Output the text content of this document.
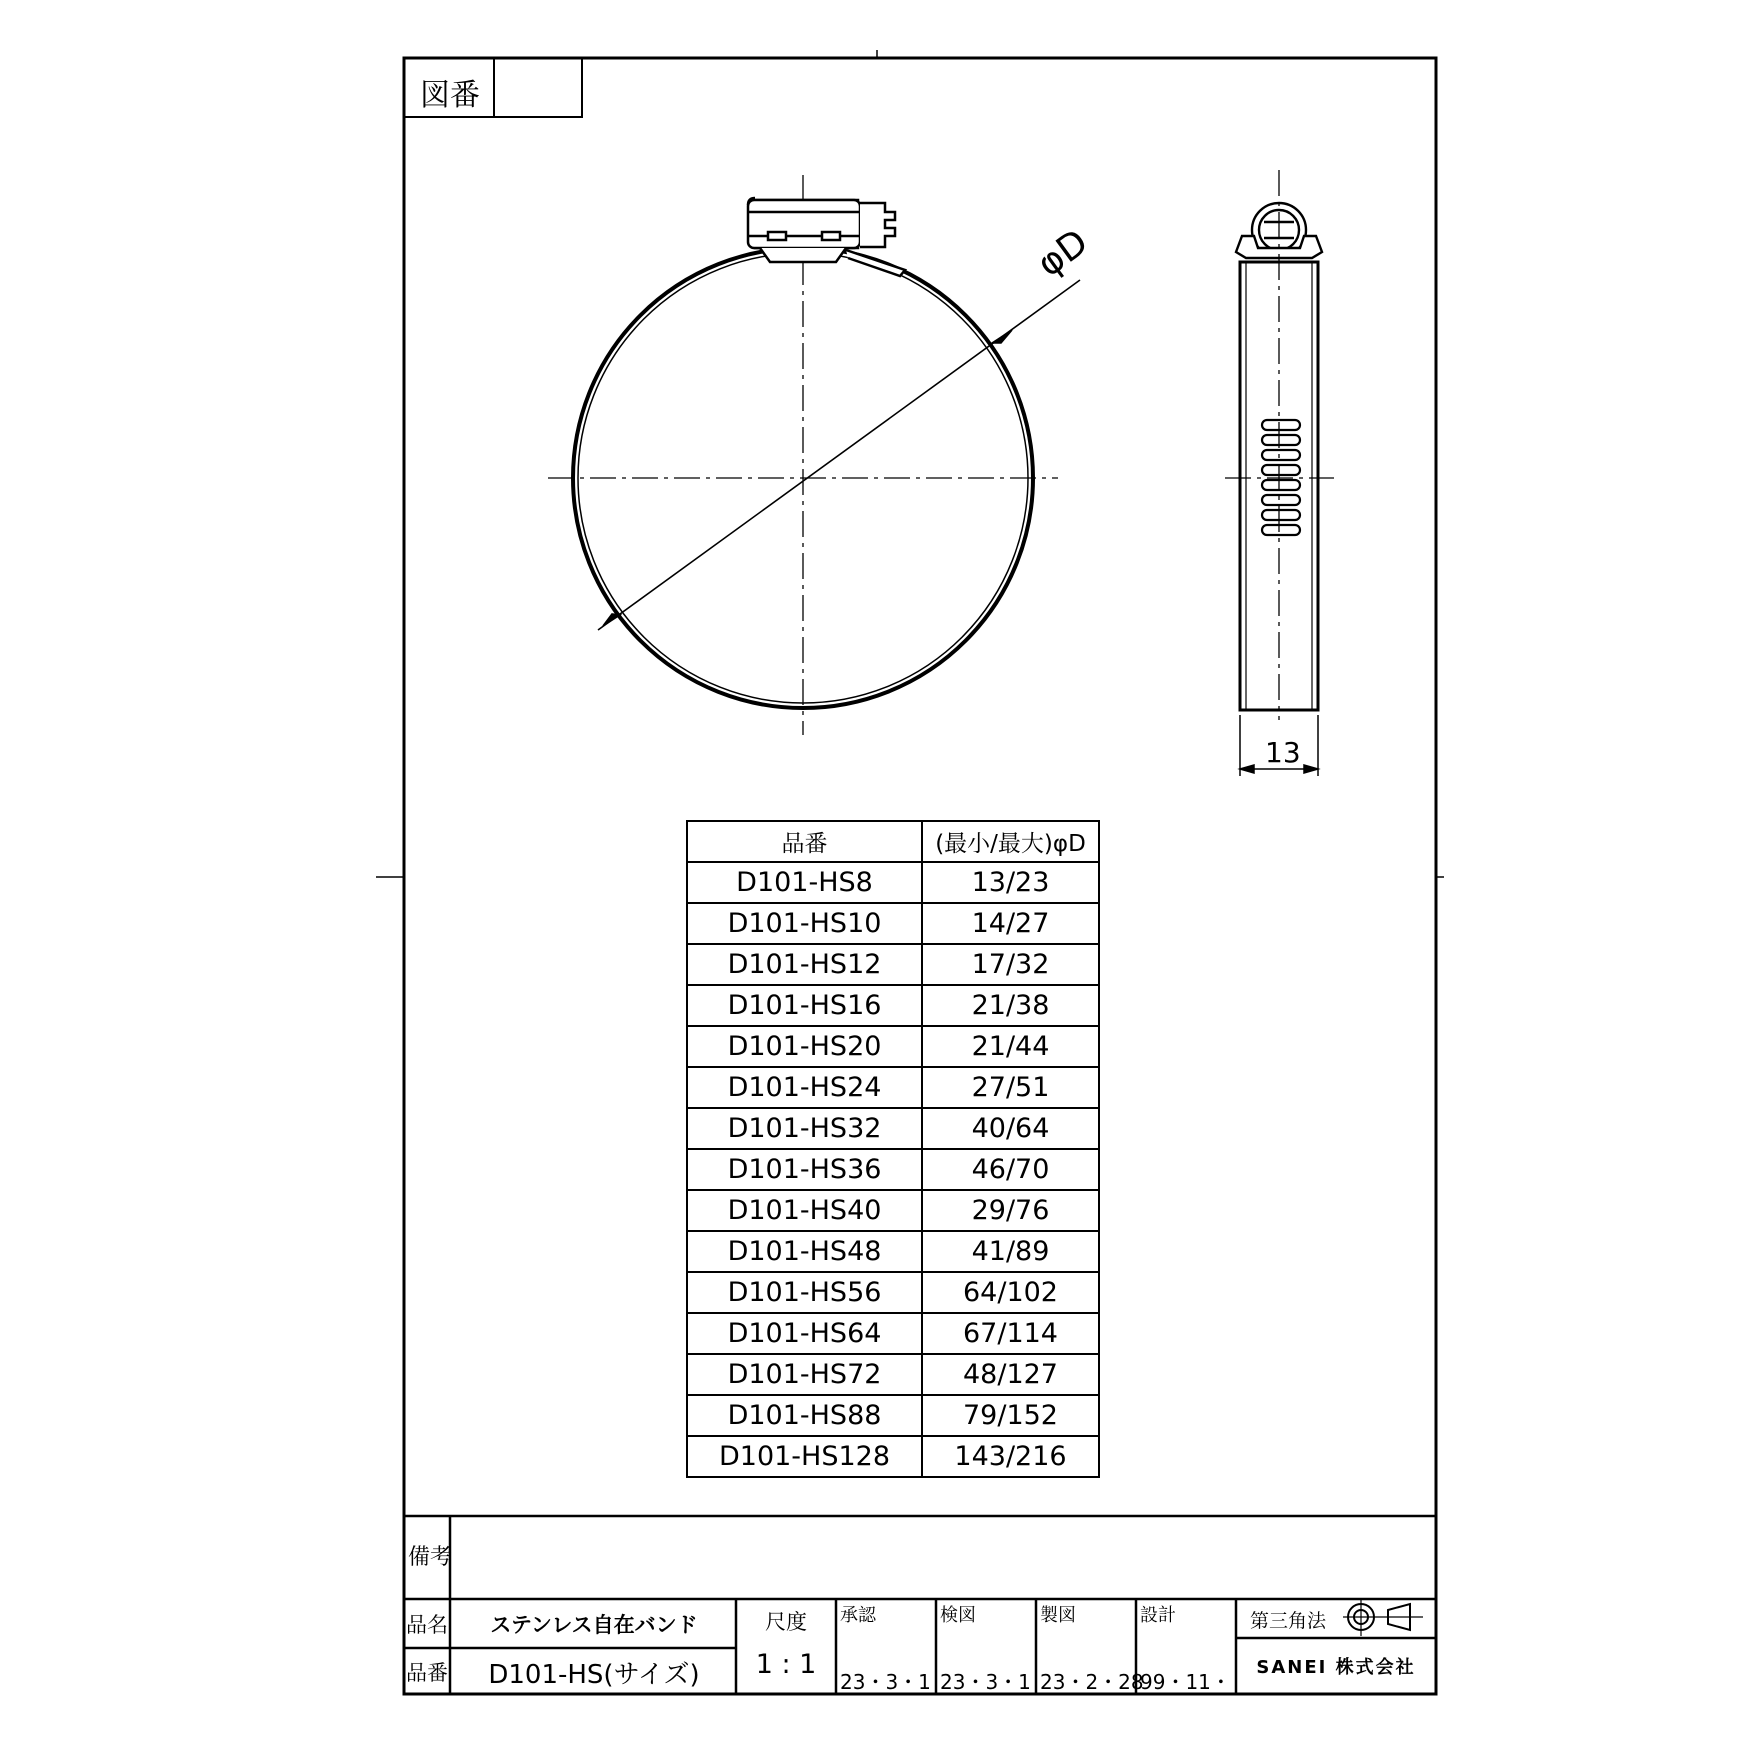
図番
φD
13
品番	(最小/最大)φD
D101-HS8	13/23
D101-HS10	14/27
D101-HS12	17/32
D101-HS16	21/38
D101-HS20	21/44
D101-HS24	27/51
D101-HS32	40/64
D101-HS36	46/70
D101-HS40	29/76
D101-HS48	41/89
D101-HS56	64/102
D101-HS64	67/114
D101-HS72	48/127
D101-HS88	79/152
D101-HS128	143/216
備考
品名	ステンレス自在バンド
品番	D101-HS(サイズ)
尺度
1 : 1
承認
23・3・1
検図
23・3・1
製図
23・2・28
設計
99・11・
第三角法
SANEI 株式会社
